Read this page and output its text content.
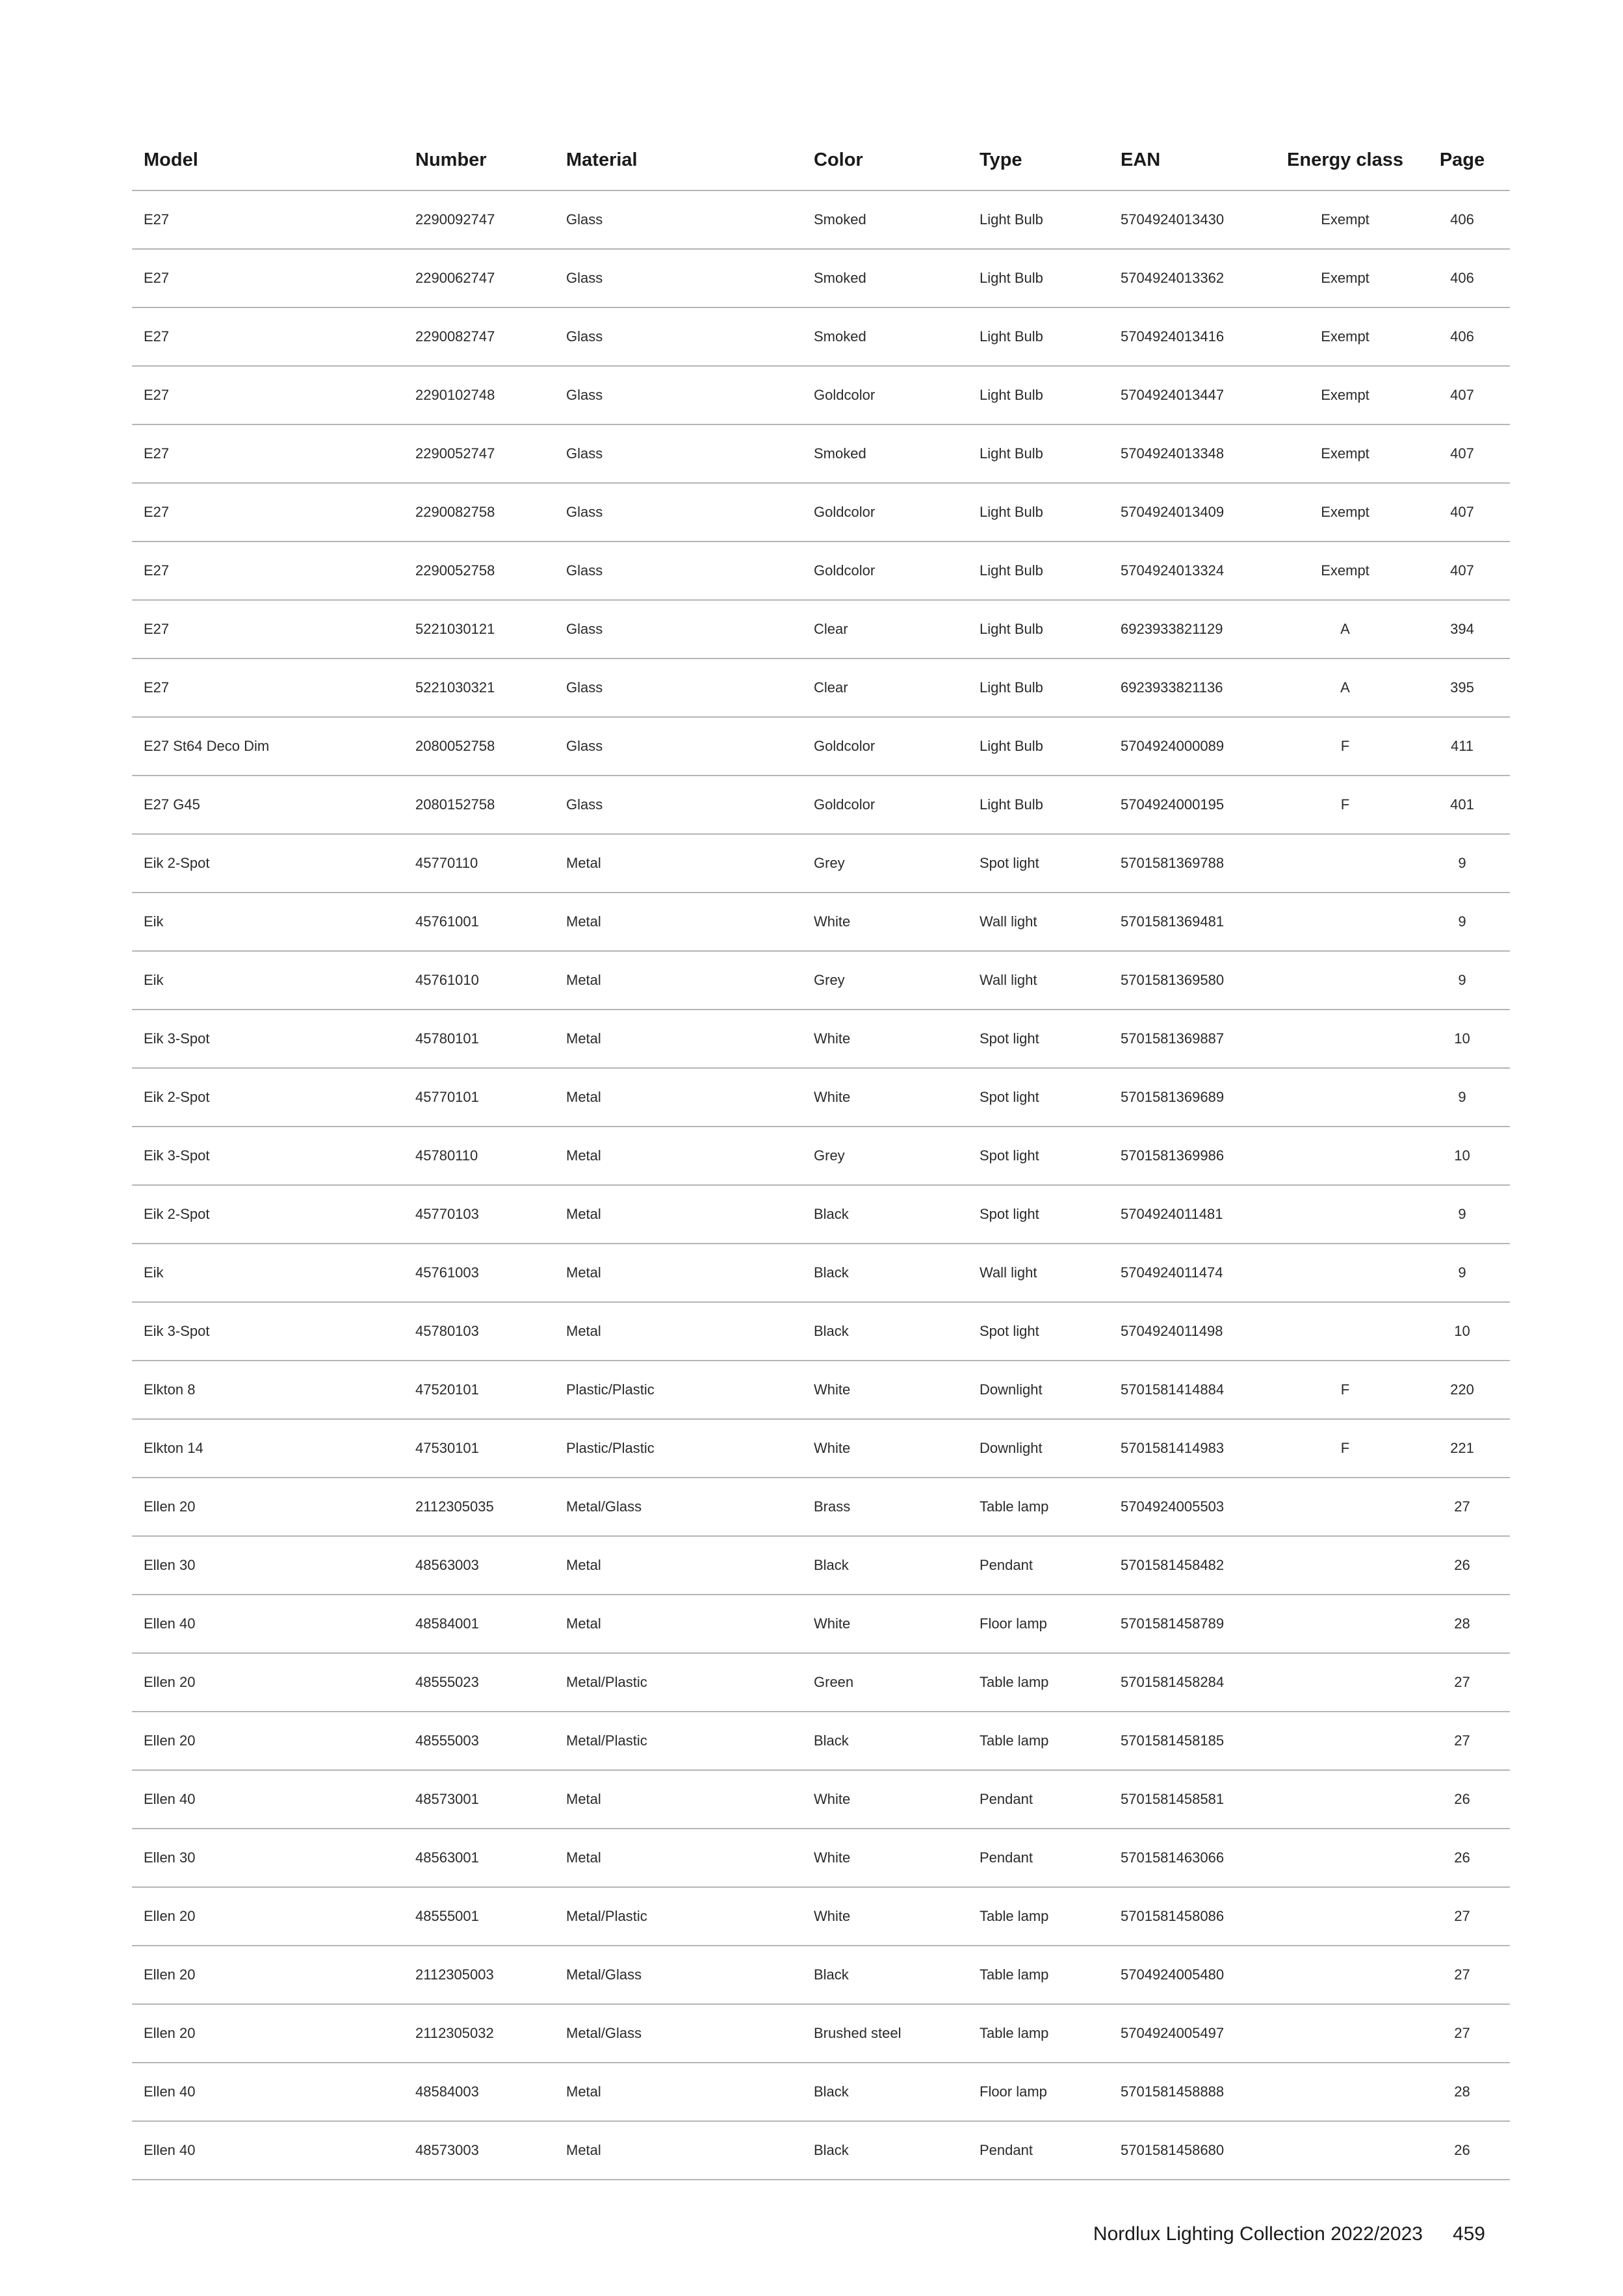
Model	Number	Material	Color	Type	EAN	Energy class	Page
E27	2290092747	Glass	Smoked	Light Bulb	5704924013430	Exempt	406
E27	2290062747	Glass	Smoked	Light Bulb	5704924013362	Exempt	406
E27	2290082747	Glass	Smoked	Light Bulb	5704924013416	Exempt	406
E27	2290102748	Glass	Goldcolor	Light Bulb	5704924013447	Exempt	407
E27	2290052747	Glass	Smoked	Light Bulb	5704924013348	Exempt	407
E27	2290082758	Glass	Goldcolor	Light Bulb	5704924013409	Exempt	407
E27	2290052758	Glass	Goldcolor	Light Bulb	5704924013324	Exempt	407
E27	5221030121	Glass	Clear	Light Bulb	6923933821129	A	394
E27	5221030321	Glass	Clear	Light Bulb	6923933821136	A	395
E27 St64 Deco Dim	2080052758	Glass	Goldcolor	Light Bulb	5704924000089	F	411
E27 G45	2080152758	Glass	Goldcolor	Light Bulb	5704924000195	F	401
Eik 2-Spot	45770110	Metal	Grey	Spot light	5701581369788		9
Eik	45761001	Metal	White	Wall light	5701581369481		9
Eik	45761010	Metal	Grey	Wall light	5701581369580		9
Eik 3-Spot	45780101	Metal	White	Spot light	5701581369887		10
Eik 2-Spot	45770101	Metal	White	Spot light	5701581369689		9
Eik 3-Spot	45780110	Metal	Grey	Spot light	5701581369986		10
Eik 2-Spot	45770103	Metal	Black	Spot light	5704924011481		9
Eik	45761003	Metal	Black	Wall light	5704924011474		9
Eik 3-Spot	45780103	Metal	Black	Spot light	5704924011498		10
Elkton 8	47520101	Plastic/Plastic	White	Downlight	5701581414884	F	220
Elkton 14	47530101	Plastic/Plastic	White	Downlight	5701581414983	F	221
Ellen 20	2112305035	Metal/Glass	Brass	Table lamp	5704924005503		27
Ellen 30	48563003	Metal	Black	Pendant	5701581458482		26
Ellen 40	48584001	Metal	White	Floor lamp	5701581458789		28
Ellen 20	48555023	Metal/Plastic	Green	Table lamp	5701581458284		27
Ellen 20	48555003	Metal/Plastic	Black	Table lamp	5701581458185		27
Ellen 40	48573001	Metal	White	Pendant	5701581458581		26
Ellen 30	48563001	Metal	White	Pendant	5701581463066		26
Ellen 20	48555001	Metal/Plastic	White	Table lamp	5701581458086		27
Ellen 20	2112305003	Metal/Glass	Black	Table lamp	5704924005480		27
Ellen 20	2112305032	Metal/Glass	Brushed steel	Table lamp	5704924005497		27
Ellen 40	48584003	Metal	Black	Floor lamp	5701581458888		28
Ellen 40	48573003	Metal	Black	Pendant	5701581458680		26
Nordlux Lighting Collection 2022/2023 459
